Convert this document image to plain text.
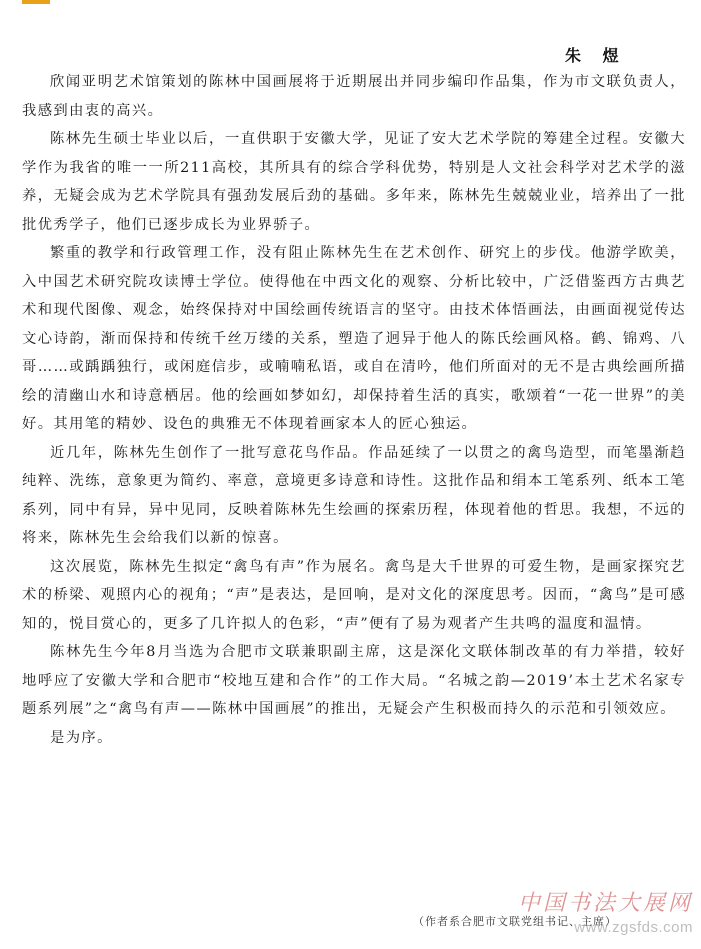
朱 煜

欣闻亚明艺术馆策划的陈林中国画展将于近期展出并同步编印作品集，作为市文联负责人，我感到由衷的高兴。

陈林先生硕士毕业以后，一直供职于安徽大学，见证了安大艺术学院的筹建全过程。安徽大学作为我省的唯一一所211高校，其所具有的综合学科优势，特别是人文社会科学对艺术学的滋养，无疑会成为艺术学院具有强劲发展后劲的基础。多年来，陈林先生兢兢业业，培养出了一批批优秀学子，他们已逐步成长为业界骄子。

繁重的教学和行政管理工作，没有阻止陈林先生在艺术创作、研究上的步伐。他游学欧美，入中国艺术研究院攻读博士学位。使得他在中西文化的观察、分析比较中，广泛借鉴西方古典艺术和现代图像、观念，始终保持对中国绘画传统语言的坚守。由技术体悟画法，由画面视觉传达文心诗韵，渐而保持和传统千丝万缕的关系，塑造了迥异于他人的陈氏绘画风格。鹤、锦鸡、八哥……或踽踽独行，或闲庭信步，或喃喃私语，或自在清吟，他们所面对的无不是古典绘画所描绘的清幽山水和诗意栖居。他的绘画如梦如幻，却保持着生活的真实，歌颂着“一花一世界”的美好。其用笔的精妙、设色的典雅无不体现着画家本人的匠心独运。

近几年，陈林先生创作了一批写意花鸟作品。作品延续了一以贯之的禽鸟造型，而笔墨渐趋纯粹、洗练，意象更为简约、率意，意境更多诗意和诗性。这批作品和绢本工笔系列、纸本工笔系列，同中有异，异中见同，反映着陈林先生绘画的探索历程，体现着他的哲思。我想，不远的将来，陈林先生会给我们以新的惊喜。

这次展览，陈林先生拟定“禽鸟有声”作为展名。禽鸟是大千世界的可爱生物，是画家探究艺术的桥梁、观照内心的视角；“声”是表达，是回响，是对文化的深度思考。因而，“禽鸟”是可感知的，悦目赏心的，更多了几许拟人的色彩，“声”便有了易为观者产生共鸣的温度和温情。

陈林先生今年8月当选为合肥市文联兼职副主席，这是深化文联体制改革的有力举措，较好地呼应了安徽大学和合肥市“校地互建和合作”的工作大局。“名城之韵—2019’本土艺术名家专题系列展”之“禽鸟有声——陈林中国画展”的推出，无疑会产生积极而持久的示范和引领效应。

是为序。

（作者系合肥市文联党组书记、主席）
中国书法大展网
www.zgsfds.com
